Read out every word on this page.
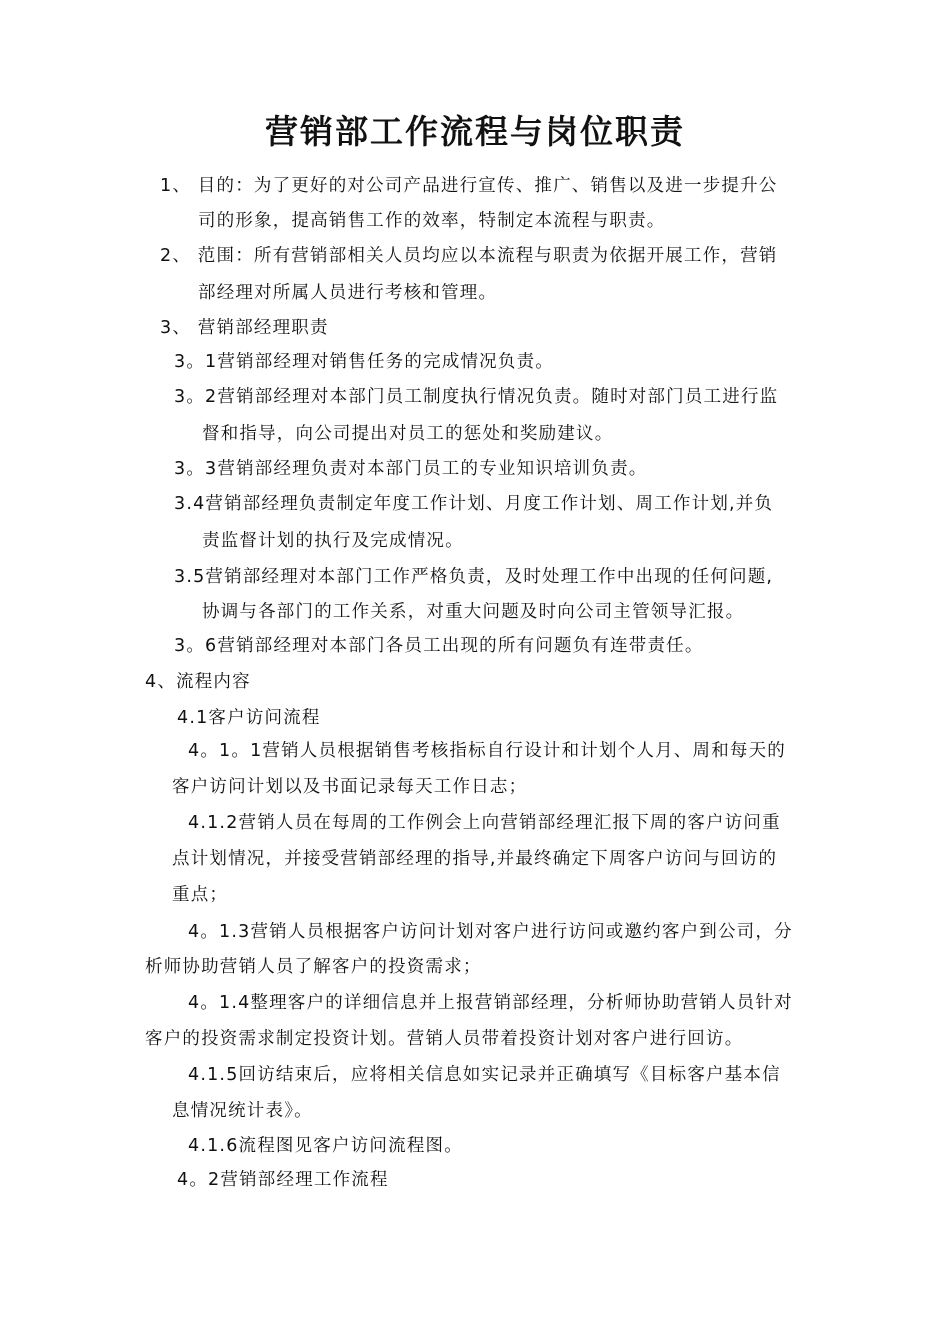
营销部工作流程与岗位职责
1、 目的：为了更好的对公司产品进行宣传、推广、销售以及进一步提升公
司的形象，提高销售工作的效率，特制定本流程与职责。
2、 范围：所有营销部相关人员均应以本流程与职责为依据开展工作，营销
部经理对所属人员进行考核和管理。
3、 营销部经理职责
3。1营销部经理对销售任务的完成情况负责。
3。2营销部经理对本部门员工制度执行情况负责。随时对部门员工进行监
督和指导，向公司提出对员工的惩处和奖励建议。
3。3营销部经理负责对本部门员工的专业知识培训负责。
3.4营销部经理负责制定年度工作计划、月度工作计划、周工作计划,并负
责监督计划的执行及完成情况。
3.5营销部经理对本部门工作严格负责，及时处理工作中出现的任何问题,
协调与各部门的工作关系，对重大问题及时向公司主管领导汇报。
3。6营销部经理对本部门各员工出现的所有问题负有连带责任。
4、流程内容
4.1客户访问流程
4。1。1营销人员根据销售考核指标自行设计和计划个人月、周和每天的
客户访问计划以及书面记录每天工作日志；
4.1.2营销人员在每周的工作例会上向营销部经理汇报下周的客户访问重
点计划情况，并接受营销部经理的指导,并最终确定下周客户访问与回访的
重点；
4。1.3营销人员根据客户访问计划对客户进行访问或邀约客户到公司，分
析师协助营销人员了解客户的投资需求；
4。1.4整理客户的详细信息并上报营销部经理，分析师协助营销人员针对
客户的投资需求制定投资计划。营销人员带着投资计划对客户进行回访。
4.1.5回访结束后，应将相关信息如实记录并正确填写《目标客户基本信
息情况统计表》。
4.1.6流程图见客户访问流程图。
4。2营销部经理工作流程
